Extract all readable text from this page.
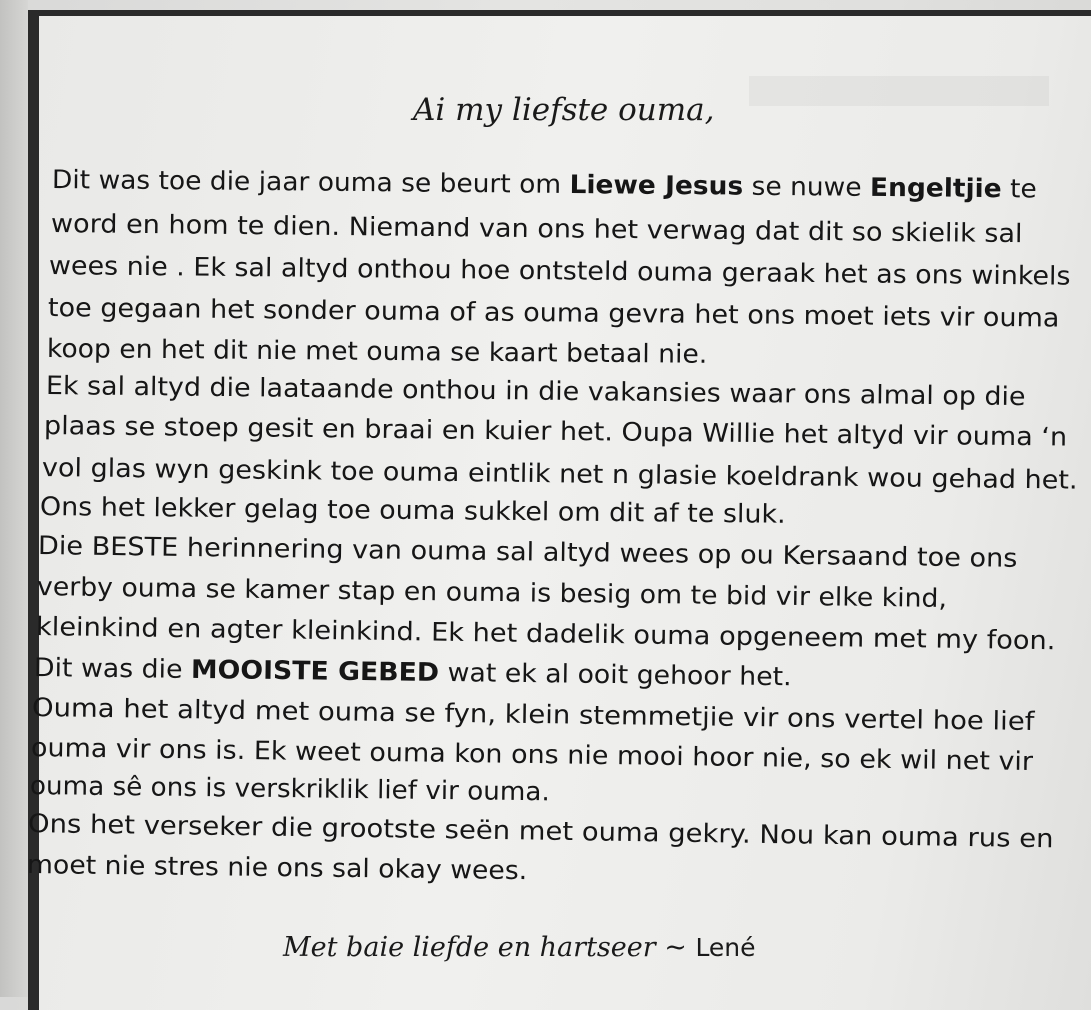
Ai my liefste ouma,
Dit was toe die jaar ouma se beurt om Liewe Jesus se nuwe Engeltjie te
word en hom te dien. Niemand van ons het verwag dat dit so skielik sal
wees nie . Ek sal altyd onthou hoe ontsteld ouma geraak het as ons winkels
toe gegaan het sonder ouma of as ouma gevra het ons moet iets vir ouma
koop en het dit nie met ouma se kaart betaal nie.
Ek sal altyd die laataande onthou in die vakansies waar ons almal op die
plaas se stoep gesit en braai en kuier het. Oupa Willie het altyd vir ouma ‘n
vol glas wyn geskink toe ouma eintlik net n glasie koeldrank wou gehad het.
Ons het lekker gelag toe ouma sukkel om dit af te sluk.
Die BESTE herinnering van ouma sal altyd wees op ou Kersaand toe ons
verby ouma se kamer stap en ouma is besig om te bid vir elke kind,
kleinkind en agter kleinkind. Ek het dadelik ouma opgeneem met my foon.
Dit was die MOOISTE GEBED wat ek al ooit gehoor het.
Ouma het altyd met ouma se fyn, klein stemmetjie vir ons vertel hoe lief
ouma vir ons is. Ek weet ouma kon ons nie mooi hoor nie, so ek wil net vir
ouma sê ons is verskriklik lief vir ouma.
Ons het verseker die grootste seën met ouma gekry. Nou kan ouma rus en
moet nie stres nie ons sal okay wees.
Met baie liefde en hartseer ~ Lené
